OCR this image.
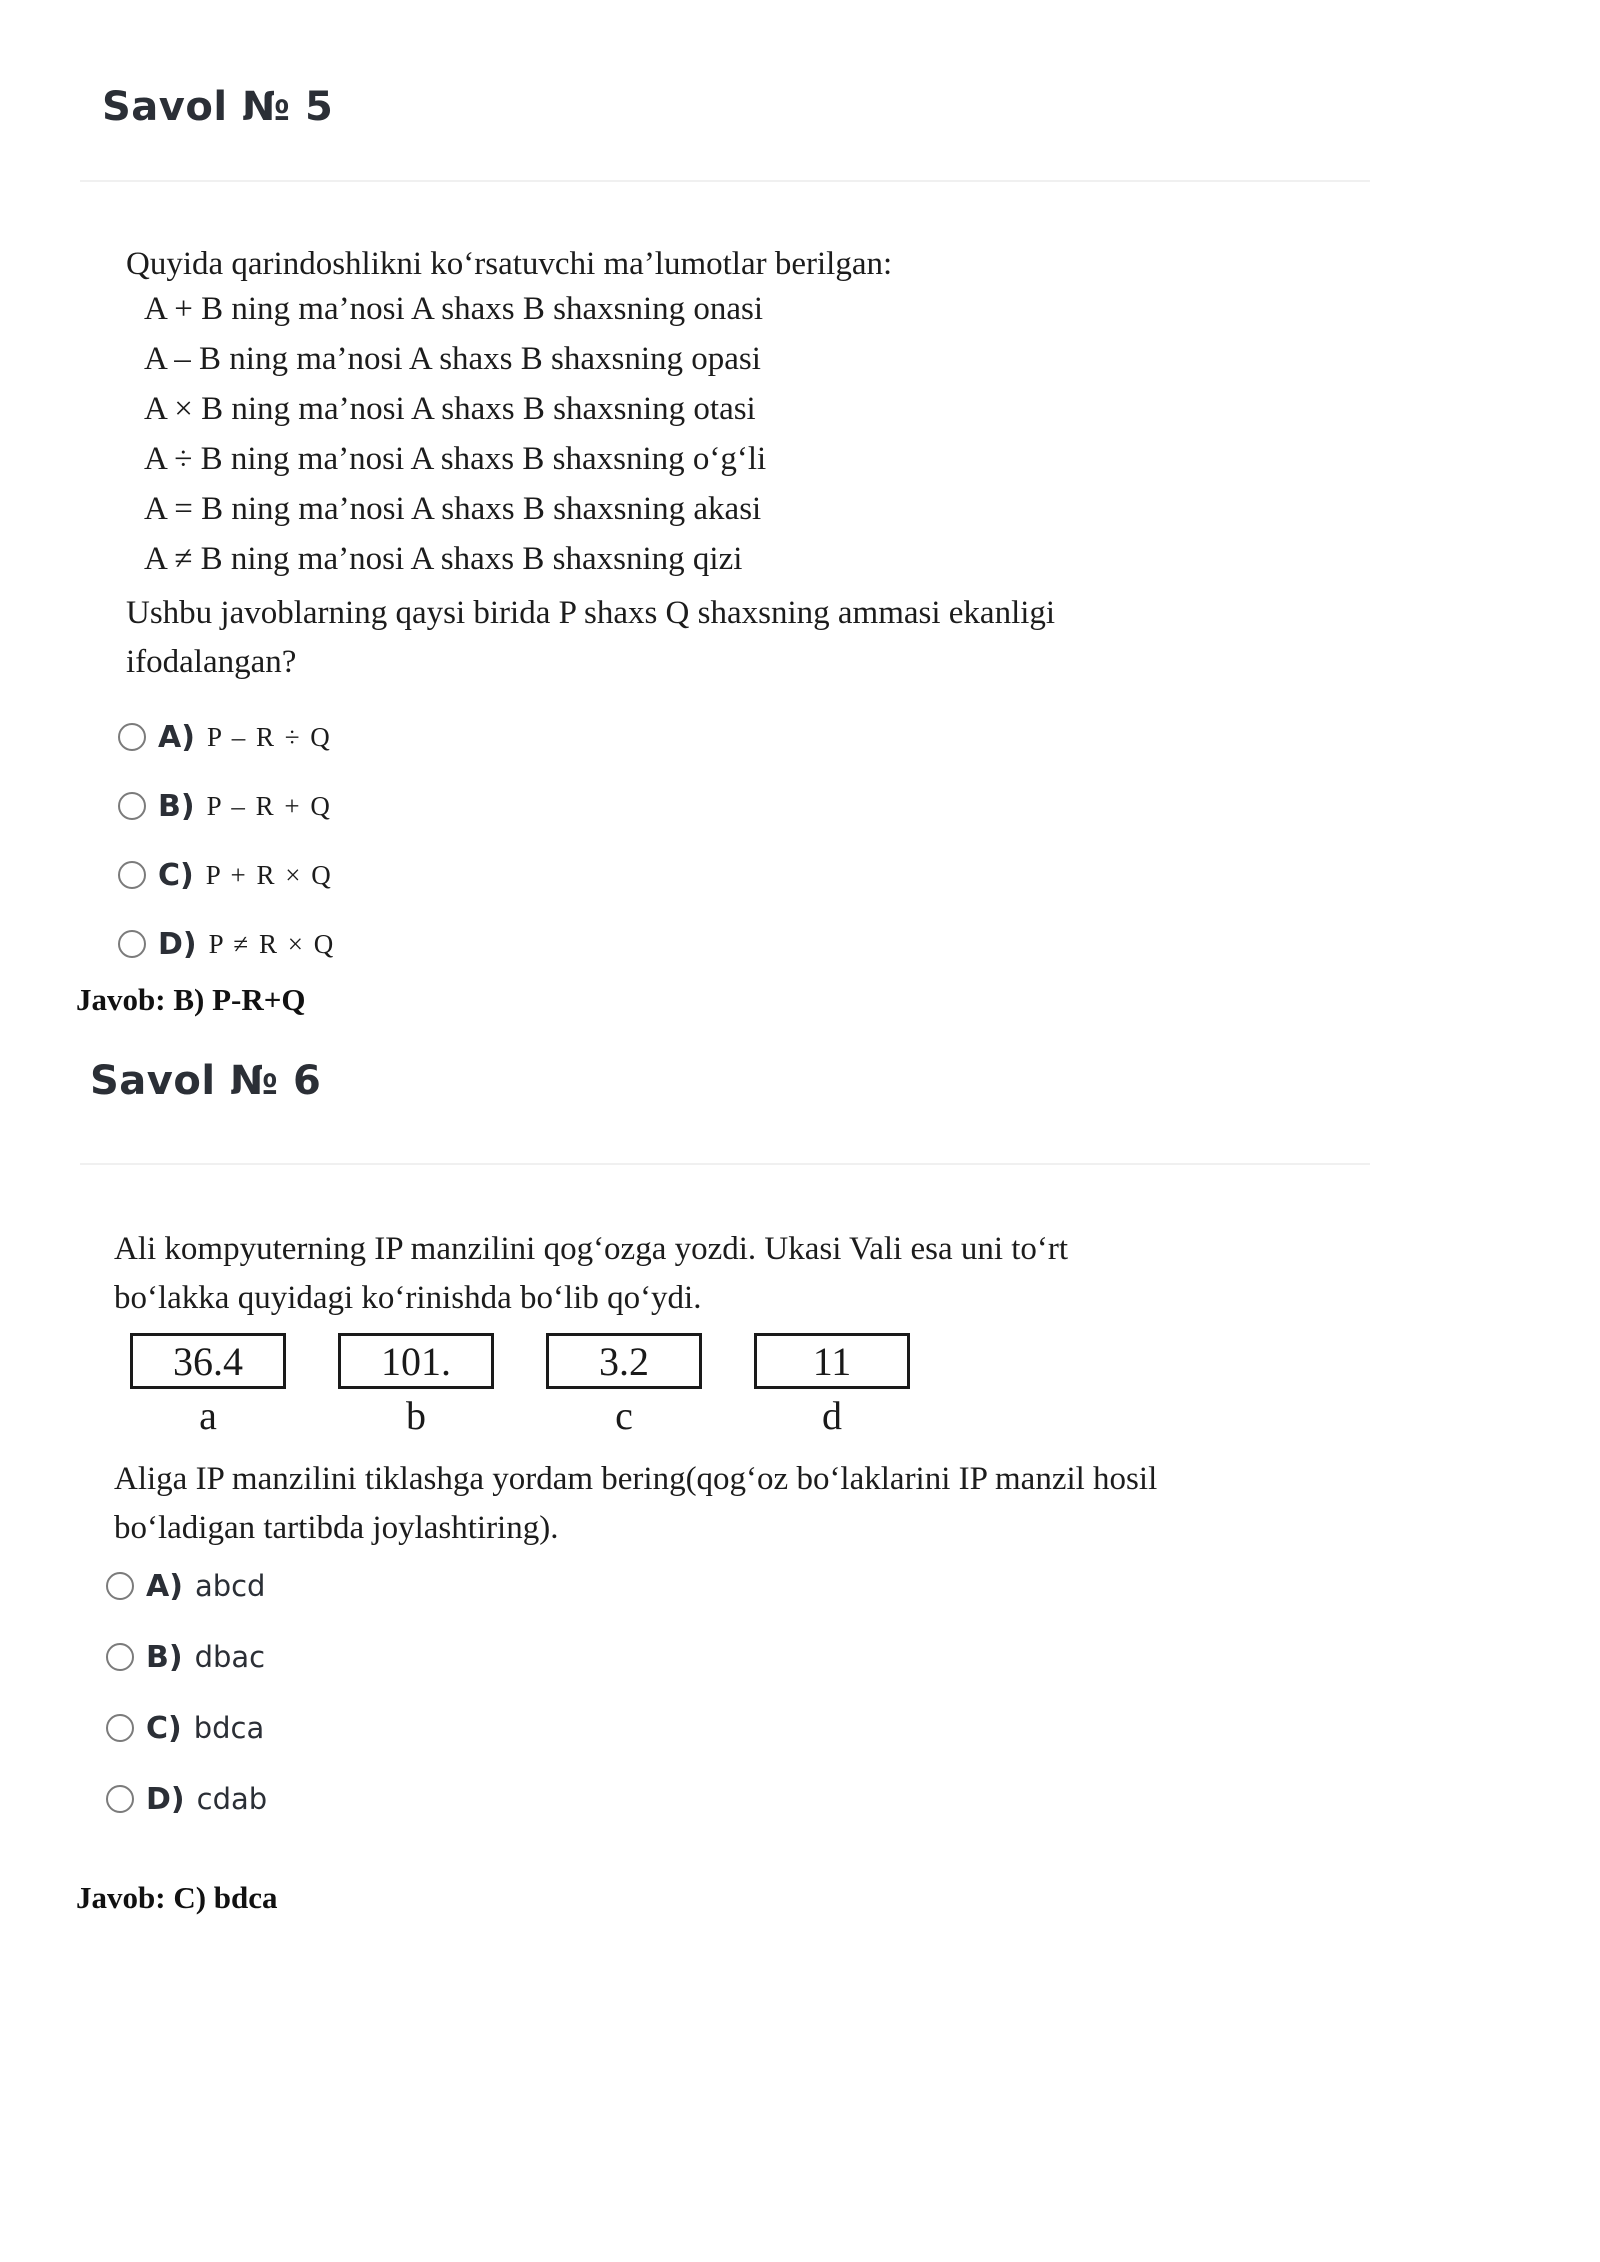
Savol № 5
Quyida qarindoshlikni ko‘rsatuvchi ma’lumotlar berilgan:
A + B ning ma’nosi A shaxs B shaxsning onasi
A – B ning ma’nosi A shaxs B shaxsning opasi
A × B ning ma’nosi A shaxs B shaxsning otasi
A ÷ B ning ma’nosi A shaxs B shaxsning o‘g‘li
A = B ning ma’nosi A shaxs B shaxsning akasi
A ≠ B ning ma’nosi A shaxs B shaxsning qizi
Ushbu javoblarning qaysi birida P shaxs Q shaxsning ammasi ekanligi
ifodalangan?
A) P – R ÷ Q
B) P – R + Q
C) P + R × Q
D) P ≠ R × Q
Javob: B) P-R+Q
Savol № 6
Ali kompyuterning IP manzilini qog‘ozga yozdi. Ukasi Vali esa uni to‘rt
bo‘lakka quyidagi ko‘rinishda bo‘lib qo‘ydi.
36.4	101.	3.2	11
a	b	c	d
Aliga IP manzilini tiklashga yordam bering(qog‘oz bo‘laklarini IP manzil hosil
bo‘ladigan tartibda joylashtiring).
A) abcd
B) dbac
C) bdca
D) cdab
Javob: C) bdca
